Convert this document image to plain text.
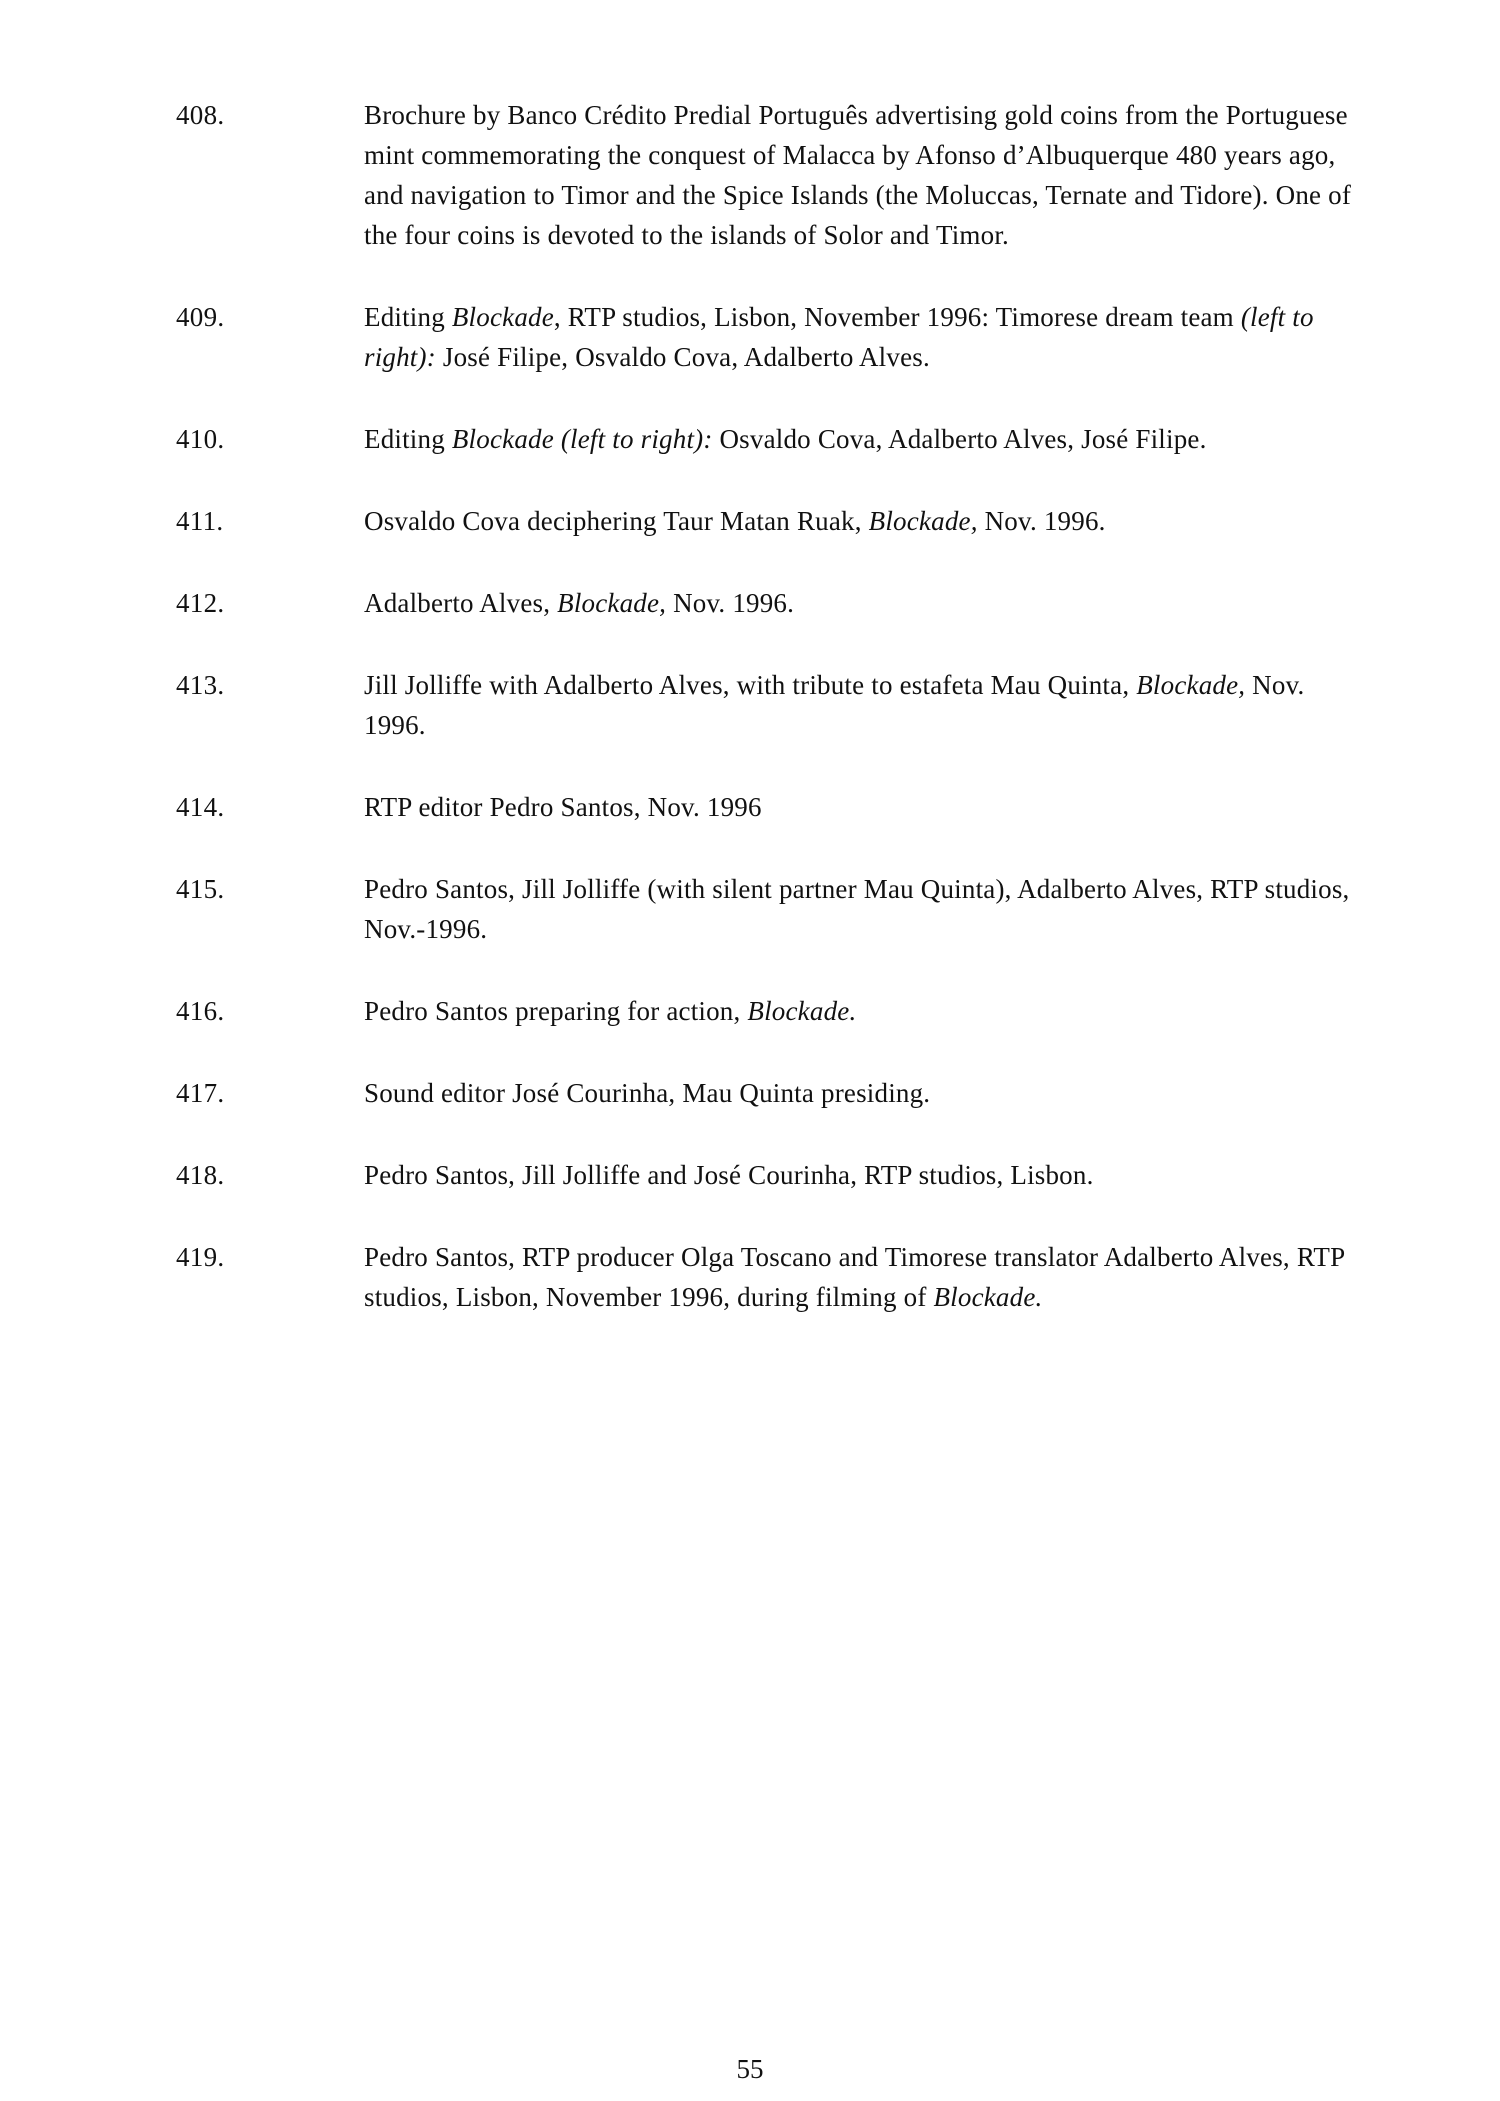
408.	Brochure by Banco Crédito Predial Português advertising gold coins from the Portuguese mint commemorating the conquest of Malacca by Afonso d’Albuquerque 480 years ago, and navigation to Timor and the Spice Islands (the Moluccas, Ternate and Tidore). One of the four coins is devoted to the islands of Solor and Timor.
409.	Editing Blockade, RTP studios, Lisbon, November 1996: Timorese dream team (left to right): José Filipe, Osvaldo Cova, Adalberto Alves.
410.	Editing Blockade (left to right): Osvaldo Cova, Adalberto Alves, José Filipe.
411.	Osvaldo Cova deciphering Taur Matan Ruak, Blockade, Nov. 1996.
412.	Adalberto Alves, Blockade, Nov. 1996.
413.	Jill Jolliffe with Adalberto Alves, with tribute to estafeta Mau Quinta, Blockade, Nov. 1996.
414.	RTP editor Pedro Santos, Nov. 1996
415.	Pedro Santos, Jill Jolliffe (with silent partner Mau Quinta), Adalberto Alves, RTP studios, Nov.-1996.
416.	Pedro Santos preparing for action, Blockade.
417.	Sound editor José Courinha, Mau Quinta presiding.
418.	Pedro Santos, Jill Jolliffe and José Courinha, RTP studios, Lisbon.
419.	Pedro Santos, RTP producer Olga Toscano and Timorese translator Adalberto Alves, RTP studios, Lisbon, November 1996, during filming of Blockade.
55
